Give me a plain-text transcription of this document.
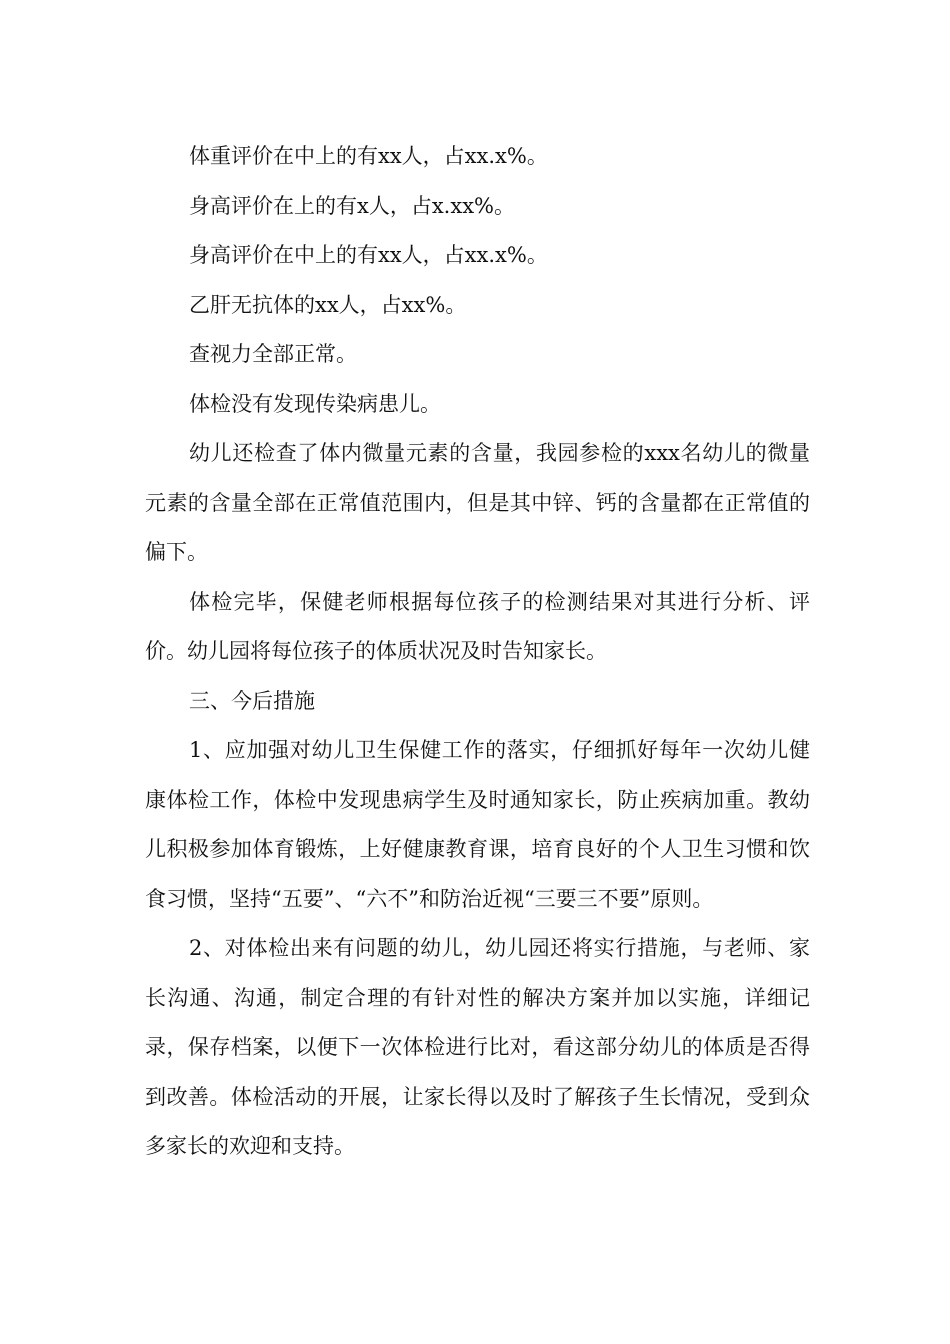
体重评价在中上的有xx人，占xx.x%。

身高评价在上的有x人，占x.xx%。

身高评价在中上的有xx人，占xx.x%。

乙肝无抗体的xx人，占xx%。

查视力全部正常。

体检没有发现传染病患儿。

幼儿还检查了体内微量元素的含量，我园参检的xxx名幼儿的微量元素的含量全部在正常值范围内，但是其中锌、钙的含量都在正常值的偏下。

体检完毕，保健老师根据每位孩子的检测结果对其进行分析、评价。幼儿园将每位孩子的体质状况及时告知家长。

三、今后措施

1、应加强对幼儿卫生保健工作的落实，仔细抓好每年一次幼儿健康体检工作，体检中发现患病学生及时通知家长，防止疾病加重。教幼儿积极参加体育锻炼，上好健康教育课，培育良好的个人卫生习惯和饮食习惯，坚持“五要”、“六不”和防治近视“三要三不要”原则。

2、对体检出来有问题的幼儿，幼儿园还将实行措施，与老师、家长沟通、沟通，制定合理的有针对性的解决方案并加以实施，详细记录，保存档案，以便下一次体检进行比对，看这部分幼儿的体质是否得到改善。体检活动的开展，让家长得以及时了解孩子生长情况，受到众多家长的欢迎和支持。
